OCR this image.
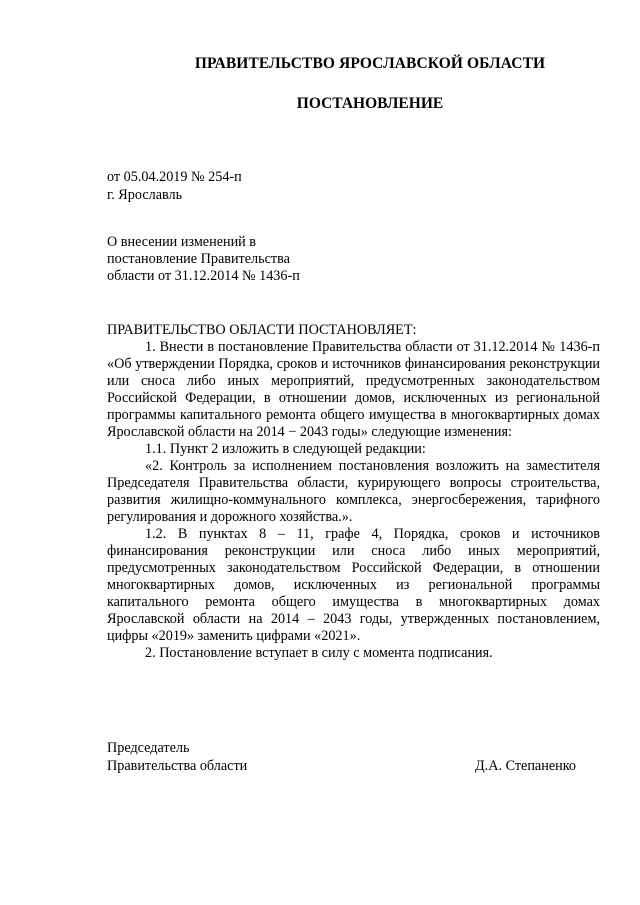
ПРАВИТЕЛЬСТВО ЯРОСЛАВСКОЙ ОБЛАСТИ
ПОСТАНОВЛЕНИЕ
от 05.04.2019 № 254-п
г. Ярославль
О внесении изменений в
постановление Правительства
области от 31.12.2014 № 1436-п

ПРАВИТЕЛЬСТВО ОБЛАСТИ ПОСТАНОВЛЯЕТ:

1. Внести в постановление Правительства области от 31.12.2014 № 1436-п «Об утверждении Порядка, сроков и источников финансирования реконструкции или сноса либо иных мероприятий, предусмотренных законодательством Российской Федерации, в отношении домов, исключенных из региональной программы капитального ремонта общего имущества в многоквартирных домах Ярославской области на 2014 − 2043 годы» следующие изменения:

1.1. Пункт 2 изложить в следующей редакции:

«2. Контроль за исполнением постановления возложить на заместителя Председателя Правительства области, курирующего вопросы строительства, развития жилищно-коммунального комплекса, энергосбережения, тарифного регулирования и дорожного хозяйства.».

1.2. В пунктах 8 – 11, графе 4, Порядка, сроков и источников финансирования реконструкции или сноса либо иных мероприятий, предусмотренных законодательством Российской Федерации, в отношении многоквартирных домов, исключенных из региональной программы капитального ремонта общего имущества в многоквартирных домах Ярославской области на 2014 – 2043 годы, утвержденных постановлением, цифры «2019» заменить цифрами «2021».

2. Постановление вступает в силу с момента подписания.

Председатель
Правительства области	Д.А. Степаненко
